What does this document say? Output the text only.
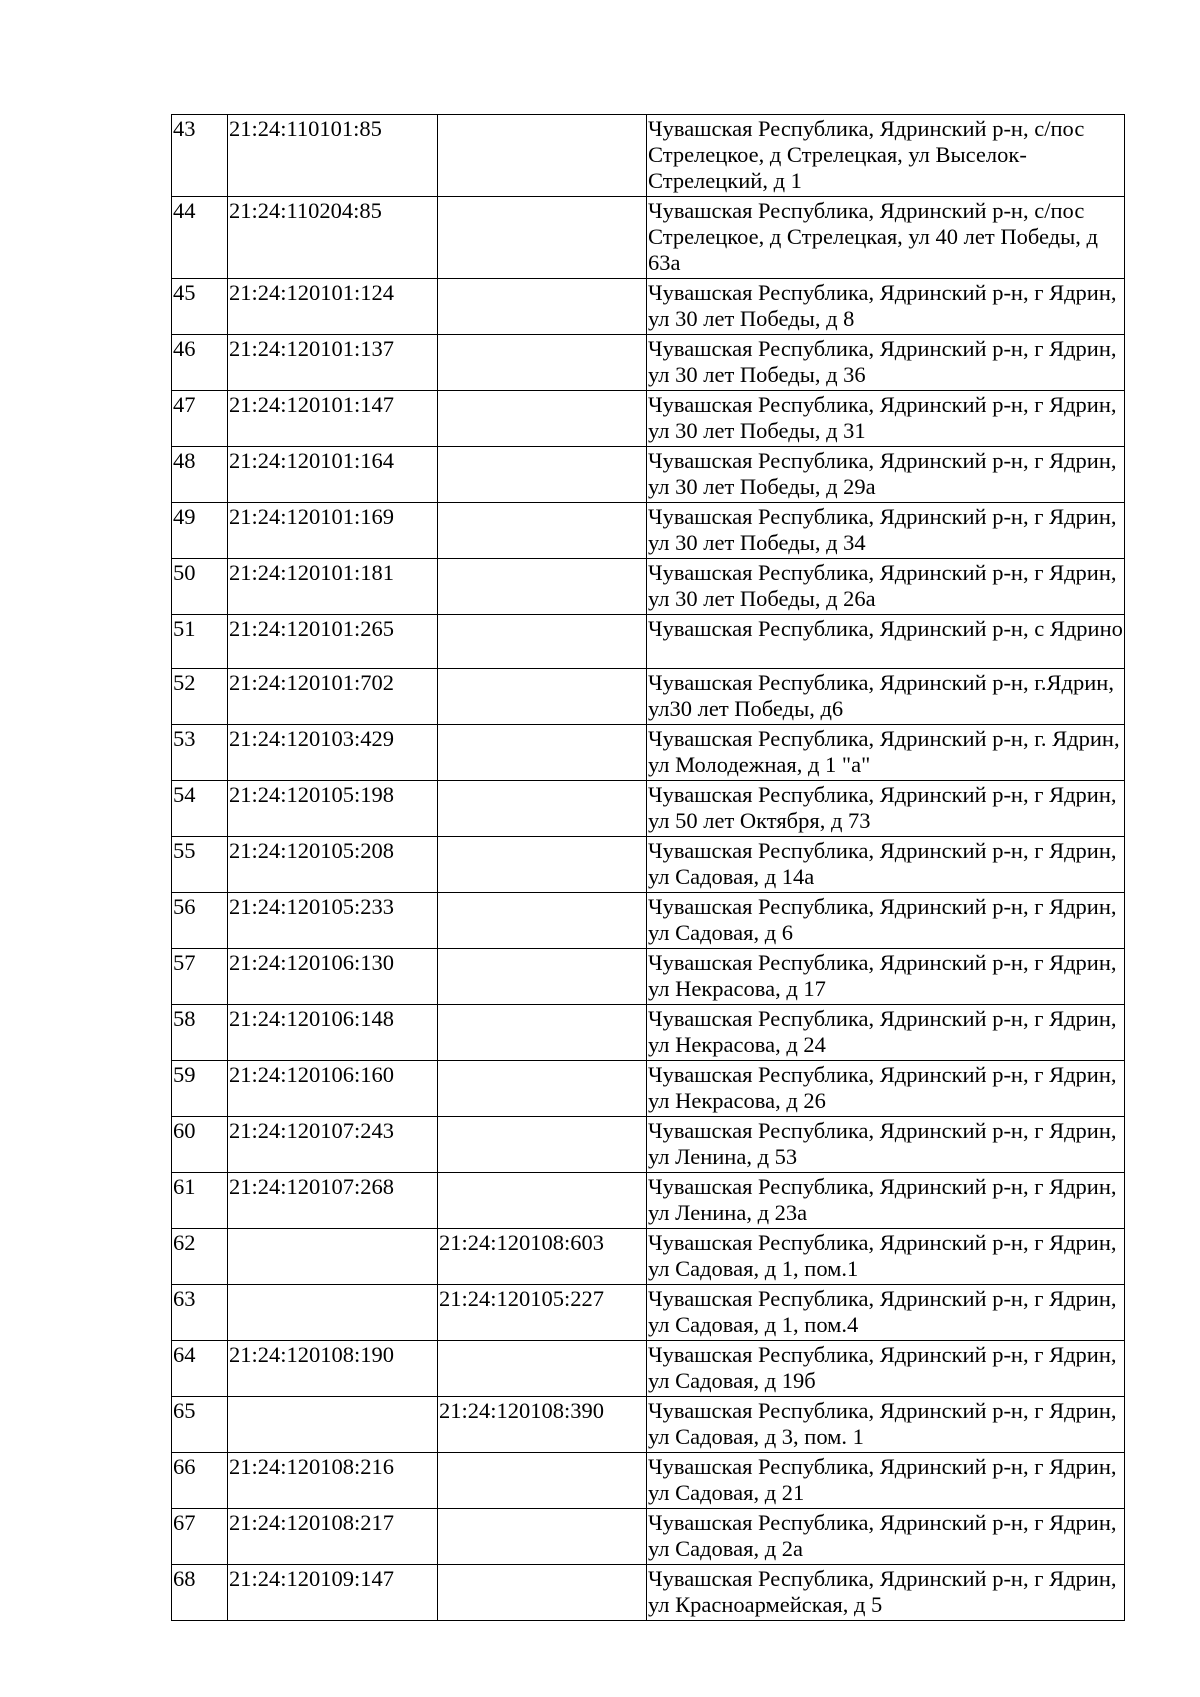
43	21:24:110101:85		Чувашская Республика, Ядринский р-н, с/пос Стрелецкое, д Стрелецкая, ул Выселок-Стрелецкий, д 1
44	21:24:110204:85		Чувашская Республика, Ядринский р-н, с/пос Стрелецкое, д Стрелецкая, ул 40 лет Победы, д 63а
45	21:24:120101:124		Чувашская Республика, Ядринский р-н, г Ядрин, ул 30 лет Победы, д 8
46	21:24:120101:137		Чувашская Республика, Ядринский р-н, г Ядрин, ул 30 лет Победы, д 36
47	21:24:120101:147		Чувашская Республика, Ядринский р-н, г Ядрин, ул 30 лет Победы, д 31
48	21:24:120101:164		Чувашская Республика, Ядринский р-н, г Ядрин, ул 30 лет Победы, д 29а
49	21:24:120101:169		Чувашская Республика, Ядринский р-н, г Ядрин, ул 30 лет Победы, д 34
50	21:24:120101:181		Чувашская Республика, Ядринский р-н, г Ядрин, ул 30 лет Победы, д 26а
51	21:24:120101:265		Чувашская Республика, Ядринский р-н, с Ядрино
52	21:24:120101:702		Чувашская Республика, Ядринский р-н, г.Ядрин, ул30 лет Победы, д6
53	21:24:120103:429		Чувашская Республика, Ядринский р-н, г. Ядрин, ул Молодежная, д 1 "а"
54	21:24:120105:198		Чувашская Республика, Ядринский р-н, г Ядрин, ул 50 лет Октября, д 73
55	21:24:120105:208		Чувашская Республика, Ядринский р-н, г Ядрин, ул Садовая, д 14а
56	21:24:120105:233		Чувашская Республика, Ядринский р-н, г Ядрин, ул Садовая, д 6
57	21:24:120106:130		Чувашская Республика, Ядринский р-н, г Ядрин, ул Некрасова, д 17
58	21:24:120106:148		Чувашская Республика, Ядринский р-н, г Ядрин, ул Некрасова, д 24
59	21:24:120106:160		Чувашская Республика, Ядринский р-н, г Ядрин, ул Некрасова, д 26
60	21:24:120107:243		Чувашская Республика, Ядринский р-н, г Ядрин, ул Ленина, д 53
61	21:24:120107:268		Чувашская Республика, Ядринский р-н, г Ядрин, ул Ленина, д 23а
62		21:24:120108:603	Чувашская Республика, Ядринский р-н, г Ядрин, ул Садовая, д 1, пом.1
63		21:24:120105:227	Чувашская Республика, Ядринский р-н, г Ядрин, ул Садовая, д 1, пом.4
64	21:24:120108:190		Чувашская Республика, Ядринский р-н, г Ядрин, ул Садовая, д 19б
65		21:24:120108:390	Чувашская Республика, Ядринский р-н, г Ядрин, ул Садовая, д 3, пом. 1
66	21:24:120108:216		Чувашская Республика, Ядринский р-н, г Ядрин, ул Садовая, д 21
67	21:24:120108:217		Чувашская Республика, Ядринский р-н, г Ядрин, ул Садовая, д 2а
68	21:24:120109:147		Чувашская Республика, Ядринский р-н, г Ядрин, ул Красноармейская, д 5
